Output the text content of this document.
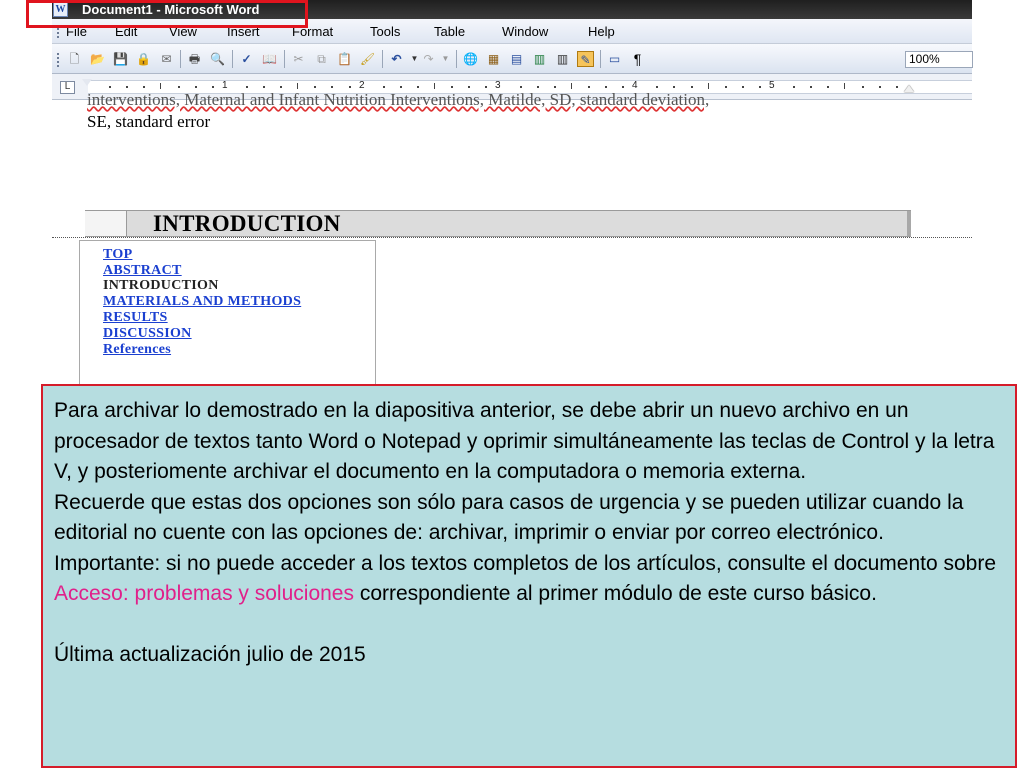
W Document1 - Microsoft Word
File Edit View Insert Format	Tools	Table	Window	Help
🗋 📂 💾 🔒 ✉ 🖶 🔍 ✓ 📖 ✂	⧉ 📋 🖌 ↶	▼ ↷	▼	🌐 ▦ ▤ ▥ ▥ ✎ ▭ ¶	100%
L	1	2	3	4	5
interventions, Maternal and Infant Nutrition Interventions, Matilde, SD, standard deviation,
SE, standard error
INTRODUCTION
TOP
ABSTRACT
INTRODUCTION
MATERIALS AND METHODS
RESULTS
DISCUSSION
References

Para archivar lo demostrado en la diapositiva anterior, se debe abrir un nuevo archivo en un procesador de textos tanto Word o Notepad y oprimir simultáneamente las teclas de Control y la letra V, y posteriomente archivar el documento en la computadora o memoria externa.

Recuerde que estas dos opciones son sólo para casos de urgencia y se pueden utilizar cuando la editorial no cuente con las opciones de: archivar, imprimir o enviar por correo electrónico.

Importante: si no puede acceder a los textos completos de los artículos, consulte el documento sobre Acceso: problemas y soluciones correspondiente al primer módulo de este curso básico.

Última actualización julio de 2015
